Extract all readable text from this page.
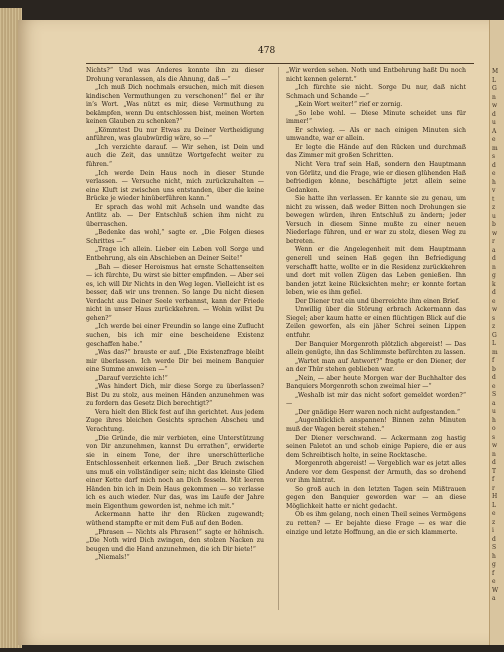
M
L
G
n
w
d
u
A
e
m
s
d
e
h
v
t
z
u
b
w
r
a
d
n
g
k
d
e
w
s
z
G
L
m
f
b
d
e
S
a
u
h
o
s
w
n
d
T
f
r
H
L
e
z
i
d
S
h
g
f
e
W
a
478

Nichts?“ Und was Anderes konnte ihn zu dieser Drohung veranlassen, als die Ahnung, daß —“

„Ich muß Dich nochmals ersuchen, mich mit diesen kindischen Vermuthungen zu verschonen!“ fiel er ihr in’s Wort. „Was nützt es mir, diese Vermuthung zu bekämpfen, wenn Du entschlossen bist, meinen Worten keinen Glauben zu schenken?“

„Kömmtest Du nur Etwas zu Deiner Vertheidigung anführen, was glaubwürdig wäre, so —“

„Ich verzichte darauf. — Wir sehen, ist Dein und auch die Zeit, das unnütze Wortgefecht weiter zu führen.“

„Ich werde Dein Haus noch in dieser Stunde verlassen. — Versuche nicht, mich zurückzuhalten — eine Kluft ist zwischen uns entstanden, über die keine Brücke je wieder hinüberführen kann.“

Er sprach das wohl mit Achseln und wandte das Antlitz ab. — Der Entschluß schien ihm nicht zu überraschen.

„Bedenke das wohl,“ sagte er. „Die Folgen dieses Schrittes —“

„Trage ich allein. Lieber ein Leben voll Sorge und Entbehrung, als ein Abschieben an Deiner Seite!“

„Bah — dieser Heroismus hat ernste Schattenseiten — ich fürchte, Du wirst sie bitter empfinden. — Aber sei es, ich will Dir Nichts in den Weg legen. Vielleicht ist es besser, daß wir uns trennen. So lange Du nicht diesen Verdacht aus Deiner Seele verbannst, kann der Friede nicht in unser Haus zurückkehren. — Wohin willst Du gehen?“

„Ich werde bei einer Freundin so lange eine Zuflucht suchen, bis ich mir eine bescheidene Existenz geschaffen habe.“

„Was das?“ brauste er auf. „Die Existenzfrage bleibt mir überlassen. Ich werde Dir bei meinem Banquier eine Summe anweisen —“

„Darauf verzichte ich!“

„Was hindert Dich, mir diese Sorge zu überlassen? Bist Du zu stolz, aus meinen Händen anzunehmen was zu fordern das Gesetz Dich berechtigt?“

Vera hielt den Blick fest auf ihn gerichtet. Aus jedem Zuge ihres bleichen Gesichts sprachen Abscheu und Verachtung.

„Die Gründe, die mir verbieten, eine Unterstützung von Dir anzunehmen, kannst Du errathen“, erwiderte sie in einem Tone, der ihre unerschütterliche Entschlossenheit erkennen ließ. „Der Bruch zwischen uns muß ein vollständiger sein; nicht das kleinste Glied einer Kette darf mich noch an Dich fesseln. Mit leeren Händen bin ich in Dein Haus gekommen — so verlasse ich es auch wieder. Nur das, was im Laufe der Jahre mein Eigenthum geworden ist, nehme ich mit.“

Ackermann hatte ihr den Rücken zugewandt; wüthend stampfte er mit dem Fuß auf den Boden.

„Phrasen — Nichts als Phrasen!“ sagte er höhnisch. „Die Noth wird Dich zwingen, den stolzen Nacken zu beugen und die Hand anzunehmen, die ich Dir biete!“

„Niemals!“

„Wir werden sehen. Noth und Entbehrung haßt Du noch nicht kennen gelernt.“

„Ich fürchte sie nicht. Sorge Du nur, daß nicht Schmach und Schande —“

„Kein Wort weiter!“ rief er zornig.

„So lebe wohl. — Diese Minute scheidet uns für immer!“

Er schwieg. — Als er nach einigen Minuten sich umwandte, war er allein.

Er legte die Hände auf den Rücken und durchmaß das Zimmer mit großen Schritten.

Nicht Vera traf sein Haß, sondern den Hauptmann von Görlitz, und die Frage, wie er diesen glühenden Haß befriedigen könne, beschäftigte jetzt allein seine Gedanken.

Sie hatte ihn verlassen. Er kannte sie zu genau, um nicht zu wissen, daß weder Bitten noch Drohungen sie bewegen würden, ihren Entschluß zu ändern; jeder Versuch in diesem Sinne mußte zu einer neuen Niederlage führen, und er war zu stolz, diesen Weg zu betreten.

Wenn er die Angelegenheit mit dem Hauptmann generell und seinen Haß gegen ihn Befriedigung verschafft hatte, wollte er in die Residenz zurückkehren und dort mit vollen Zügen das Leben genießen. Ihn banden jetzt keine Rücksichten mehr; er konnte fortan leben, wie es ihm gefiel.

Der Diener trat ein und überreichte ihm einen Brief.

Unwillig über die Störung erbrach Ackermann das Siegel; aber kaum hatte er einen flüchtigen Blick auf die Zeilen geworfen, als ein jäher Schrei seinen Lippen entfuhr.

Der Banquier Morgenroth plötzlich abgereist! — Das allein genügte, ihn das Schlimmste befürchten zu lassen.

„Wartet man auf Antwort?“ fragte er den Diener, der an der Thür stehen geblieben war.

„Nein, — aber heute Morgen war der Buchhalter des Banquiers Morgenroth schon zweimal hier —“

„Weshalb ist mir das nicht sofort gemeldet worden?“ —

„Der gnädige Herr waren noch nicht aufgestanden.“

„Augenblicklich anspannen! Binnen zehn Minuten muß der Wagen bereit stehen.“

Der Diener verschwand. — Ackermann zog hastig seinen Paletot an und schob einige Papiere, die er aus dem Schreibtisch holte, in seine Rocktasche.

Morgenroth abgereist! — Vergeblich war es jetzt alles Andere vor dem Gespenst der Armuth, das so drohend vor ihm hintrat.

So groß auch in den letzten Tagen sein Mißtrauen gegen den Banquier geworden war — an diese Möglichkeit hatte er nicht gedacht.

Ob es ihm gelang, noch einen Theil seines Vermögens zu retten? — Er bejahte diese Frage — es war die einzige und letzte Hoffnung, an die er sich klammerte.
